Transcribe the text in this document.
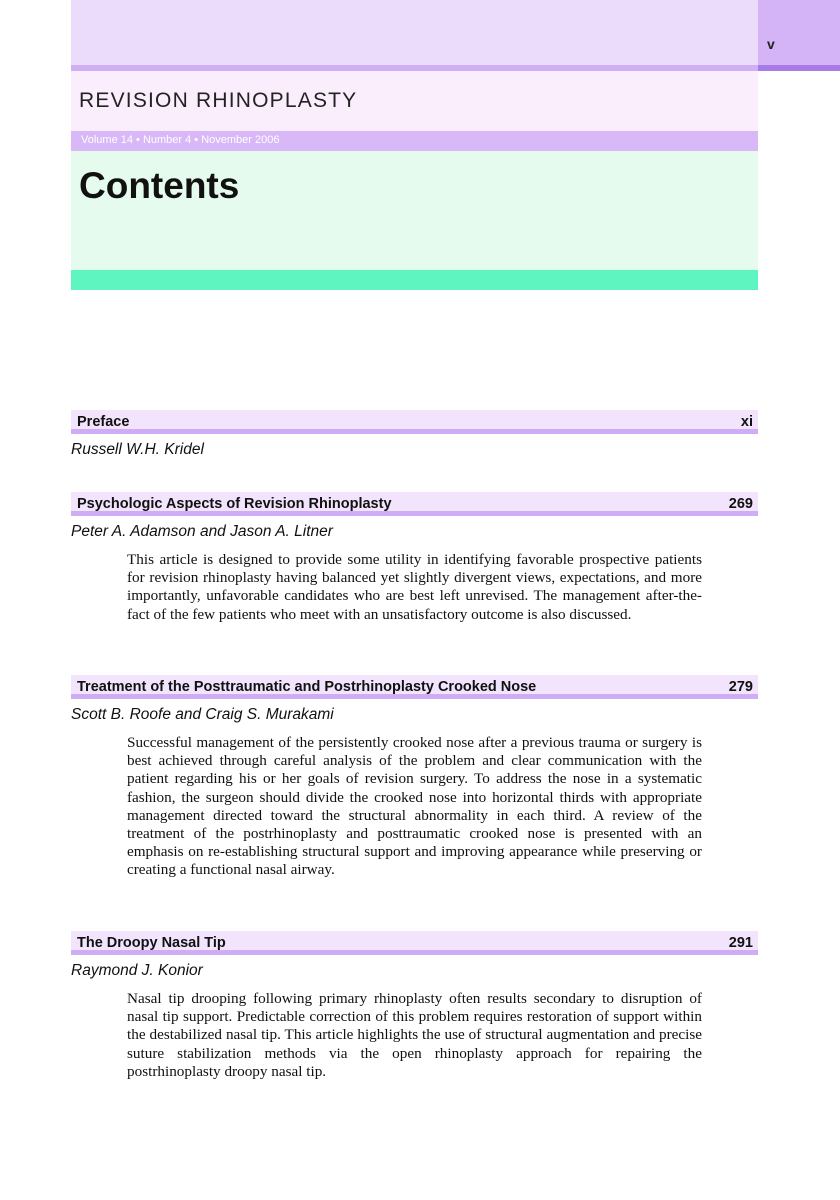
v
REVISION RHINOPLASTY
Volume 14 • Number 4 • November 2006
Contents
Preface	xi
Russell W.H. Kridel
Psychologic Aspects of Revision Rhinoplasty	269
Peter A. Adamson and Jason A. Litner
This article is designed to provide some utility in identifying favorable prospective patients for revision rhinoplasty having balanced yet slightly divergent views, expectations, and more importantly, unfavorable candidates who are best left unrevised. The management after-the-fact of the few patients who meet with an unsatisfactory outcome is also discussed.
Treatment of the Posttraumatic and Postrhinoplasty Crooked Nose	279
Scott B. Roofe and Craig S. Murakami
Successful management of the persistently crooked nose after a previous trauma or surgery is best achieved through careful analysis of the problem and clear communication with the patient regarding his or her goals of revision surgery. To address the nose in a systematic fashion, the surgeon should divide the crooked nose into horizontal thirds with appropriate management directed toward the structural abnormality in each third. A review of the treatment of the postrhinoplasty and posttraumatic crooked nose is presented with an emphasis on re-establishing structural support and improving appearance while preserving or creating a functional nasal airway.
The Droopy Nasal Tip	291
Raymond J. Konior
Nasal tip drooping following primary rhinoplasty often results secondary to disruption of nasal tip support. Predictable correction of this problem requires restoration of support within the destabilized nasal tip. This article highlights the use of structural augmentation and precise suture stabilization methods via the open rhinoplasty approach for repairing the postrhinoplasty droopy nasal tip.
